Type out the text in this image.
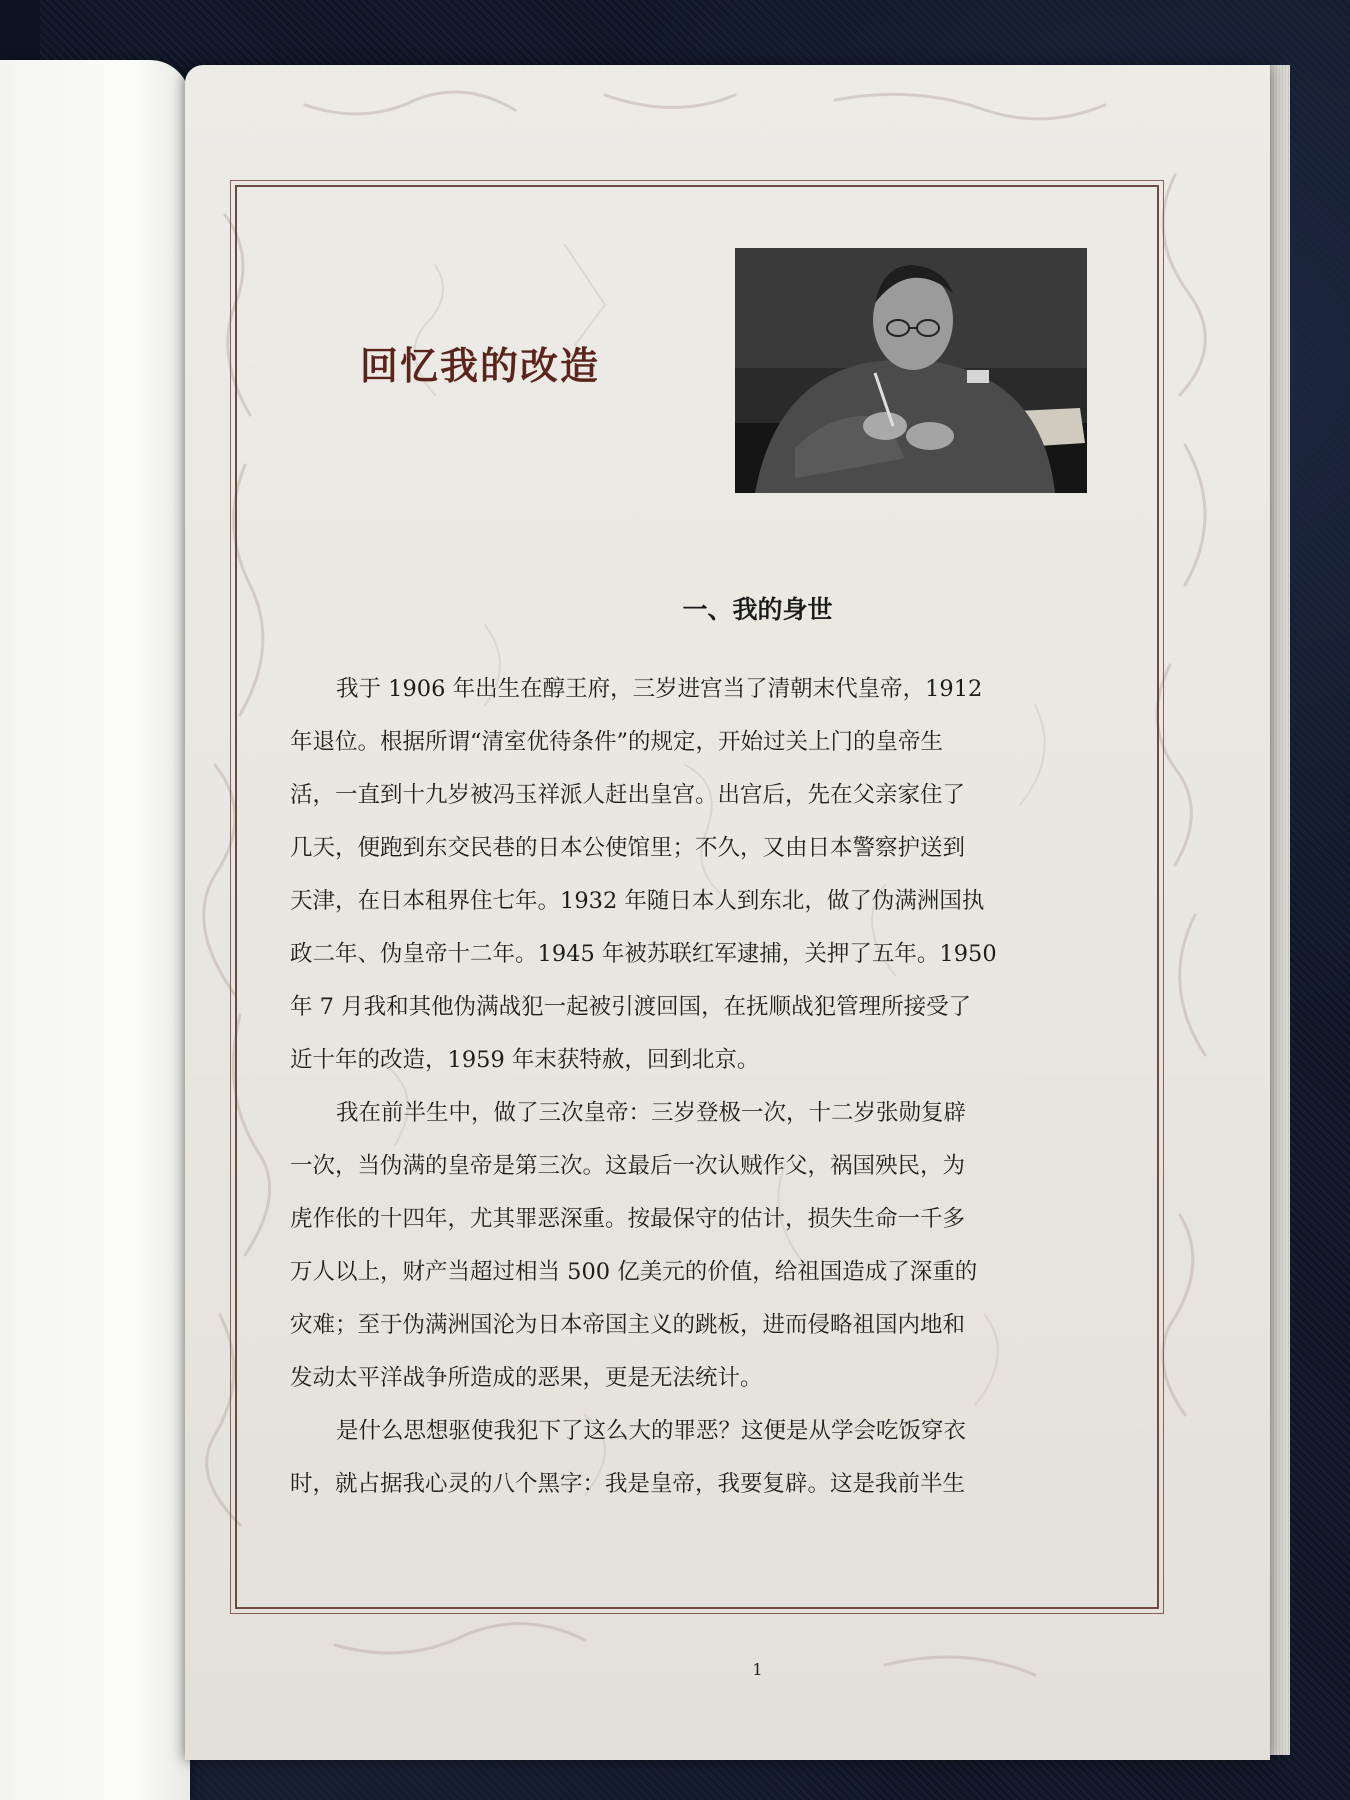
回忆我的改造
一、我的身世

我于 1906 年出生在醇王府，三岁进宫当了清朝末代皇帝，1912
年退位。根据所谓“清室优待条件”的规定，开始过关上门的皇帝生
活，一直到十九岁被冯玉祥派人赶出皇宫。出宫后，先在父亲家住了
几天，便跑到东交民巷的日本公使馆里；不久，又由日本警察护送到
天津，在日本租界住七年。1932 年随日本人到东北，做了伪满洲国执
政二年、伪皇帝十二年。1945 年被苏联红军逮捕，关押了五年。1950
年 7 月我和其他伪满战犯一起被引渡回国，在抚顺战犯管理所接受了
近十年的改造，1959 年末获特赦，回到北京。

我在前半生中，做了三次皇帝：三岁登极一次，十二岁张勋复辟
一次，当伪满的皇帝是第三次。这最后一次认贼作父，祸国殃民，为
虎作伥的十四年，尤其罪恶深重。按最保守的估计，损失生命一千多
万人以上，财产当超过相当 500 亿美元的价值，给祖国造成了深重的
灾难；至于伪满洲国沦为日本帝国主义的跳板，进而侵略祖国内地和
发动太平洋战争所造成的恶果，更是无法统计。

是什么思想驱使我犯下了这么大的罪恶？这便是从学会吃饭穿衣
时，就占据我心灵的八个黑字：我是皇帝，我要复辟。这是我前半生

1
